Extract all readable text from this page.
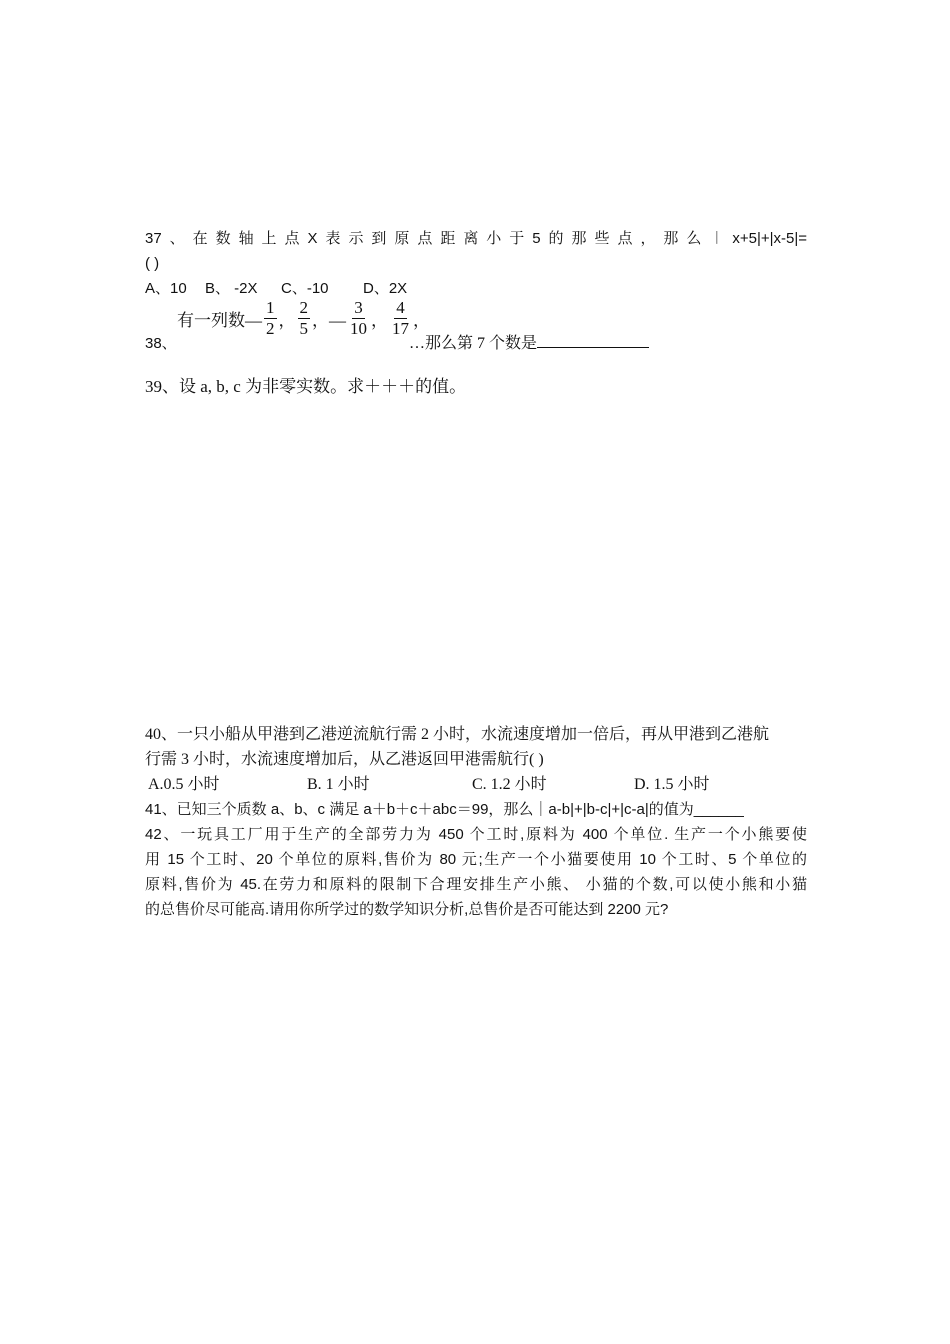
37、在数轴上点X表示到原点距离小于5的那些点，那么︱x+5|+|x-5|=
( )
A、10 B、 -2X C、-10 D、2X
38、
有一列数— $\frac{1}{2}$ ， $\frac{2}{5}$ ，— $\frac{3}{10}$ ， $\frac{4}{17}$ ，
…那么第 7 个数是
39、设 a, b, c 为非零实数。求＋＋＋的值。
40、一只小船从甲港到乙港逆流航行需 2 小时，水流速度增加一倍后，再从甲港到乙港航
行需 3 小时，水流速度增加后，从乙港返回甲港需航行( )
A.0.5 小时	B. 1 小时	C. 1.2 小时	D. 1.5 小时
41、已知三个质数 a、b、c 满足 a＋b＋c＋abc＝99，那么｜a-b|+|b-c|+|c-a|的值为______
42、一玩具工厂用于生产的全部劳力为 450 个工时,原料为 400 个单位. 生产一个小熊要使
用 15 个工时、20 个单位的原料,售价为 80 元;生产一个小猫要使用 10 个工时、5 个单位的
原料,售价为 45.在劳力和原料的限制下合理安排生产小熊、 小猫的个数,可以使小熊和小猫
的总售价尽可能高.请用你所学过的数学知识分析,总售价是否可能达到 2200 元?
